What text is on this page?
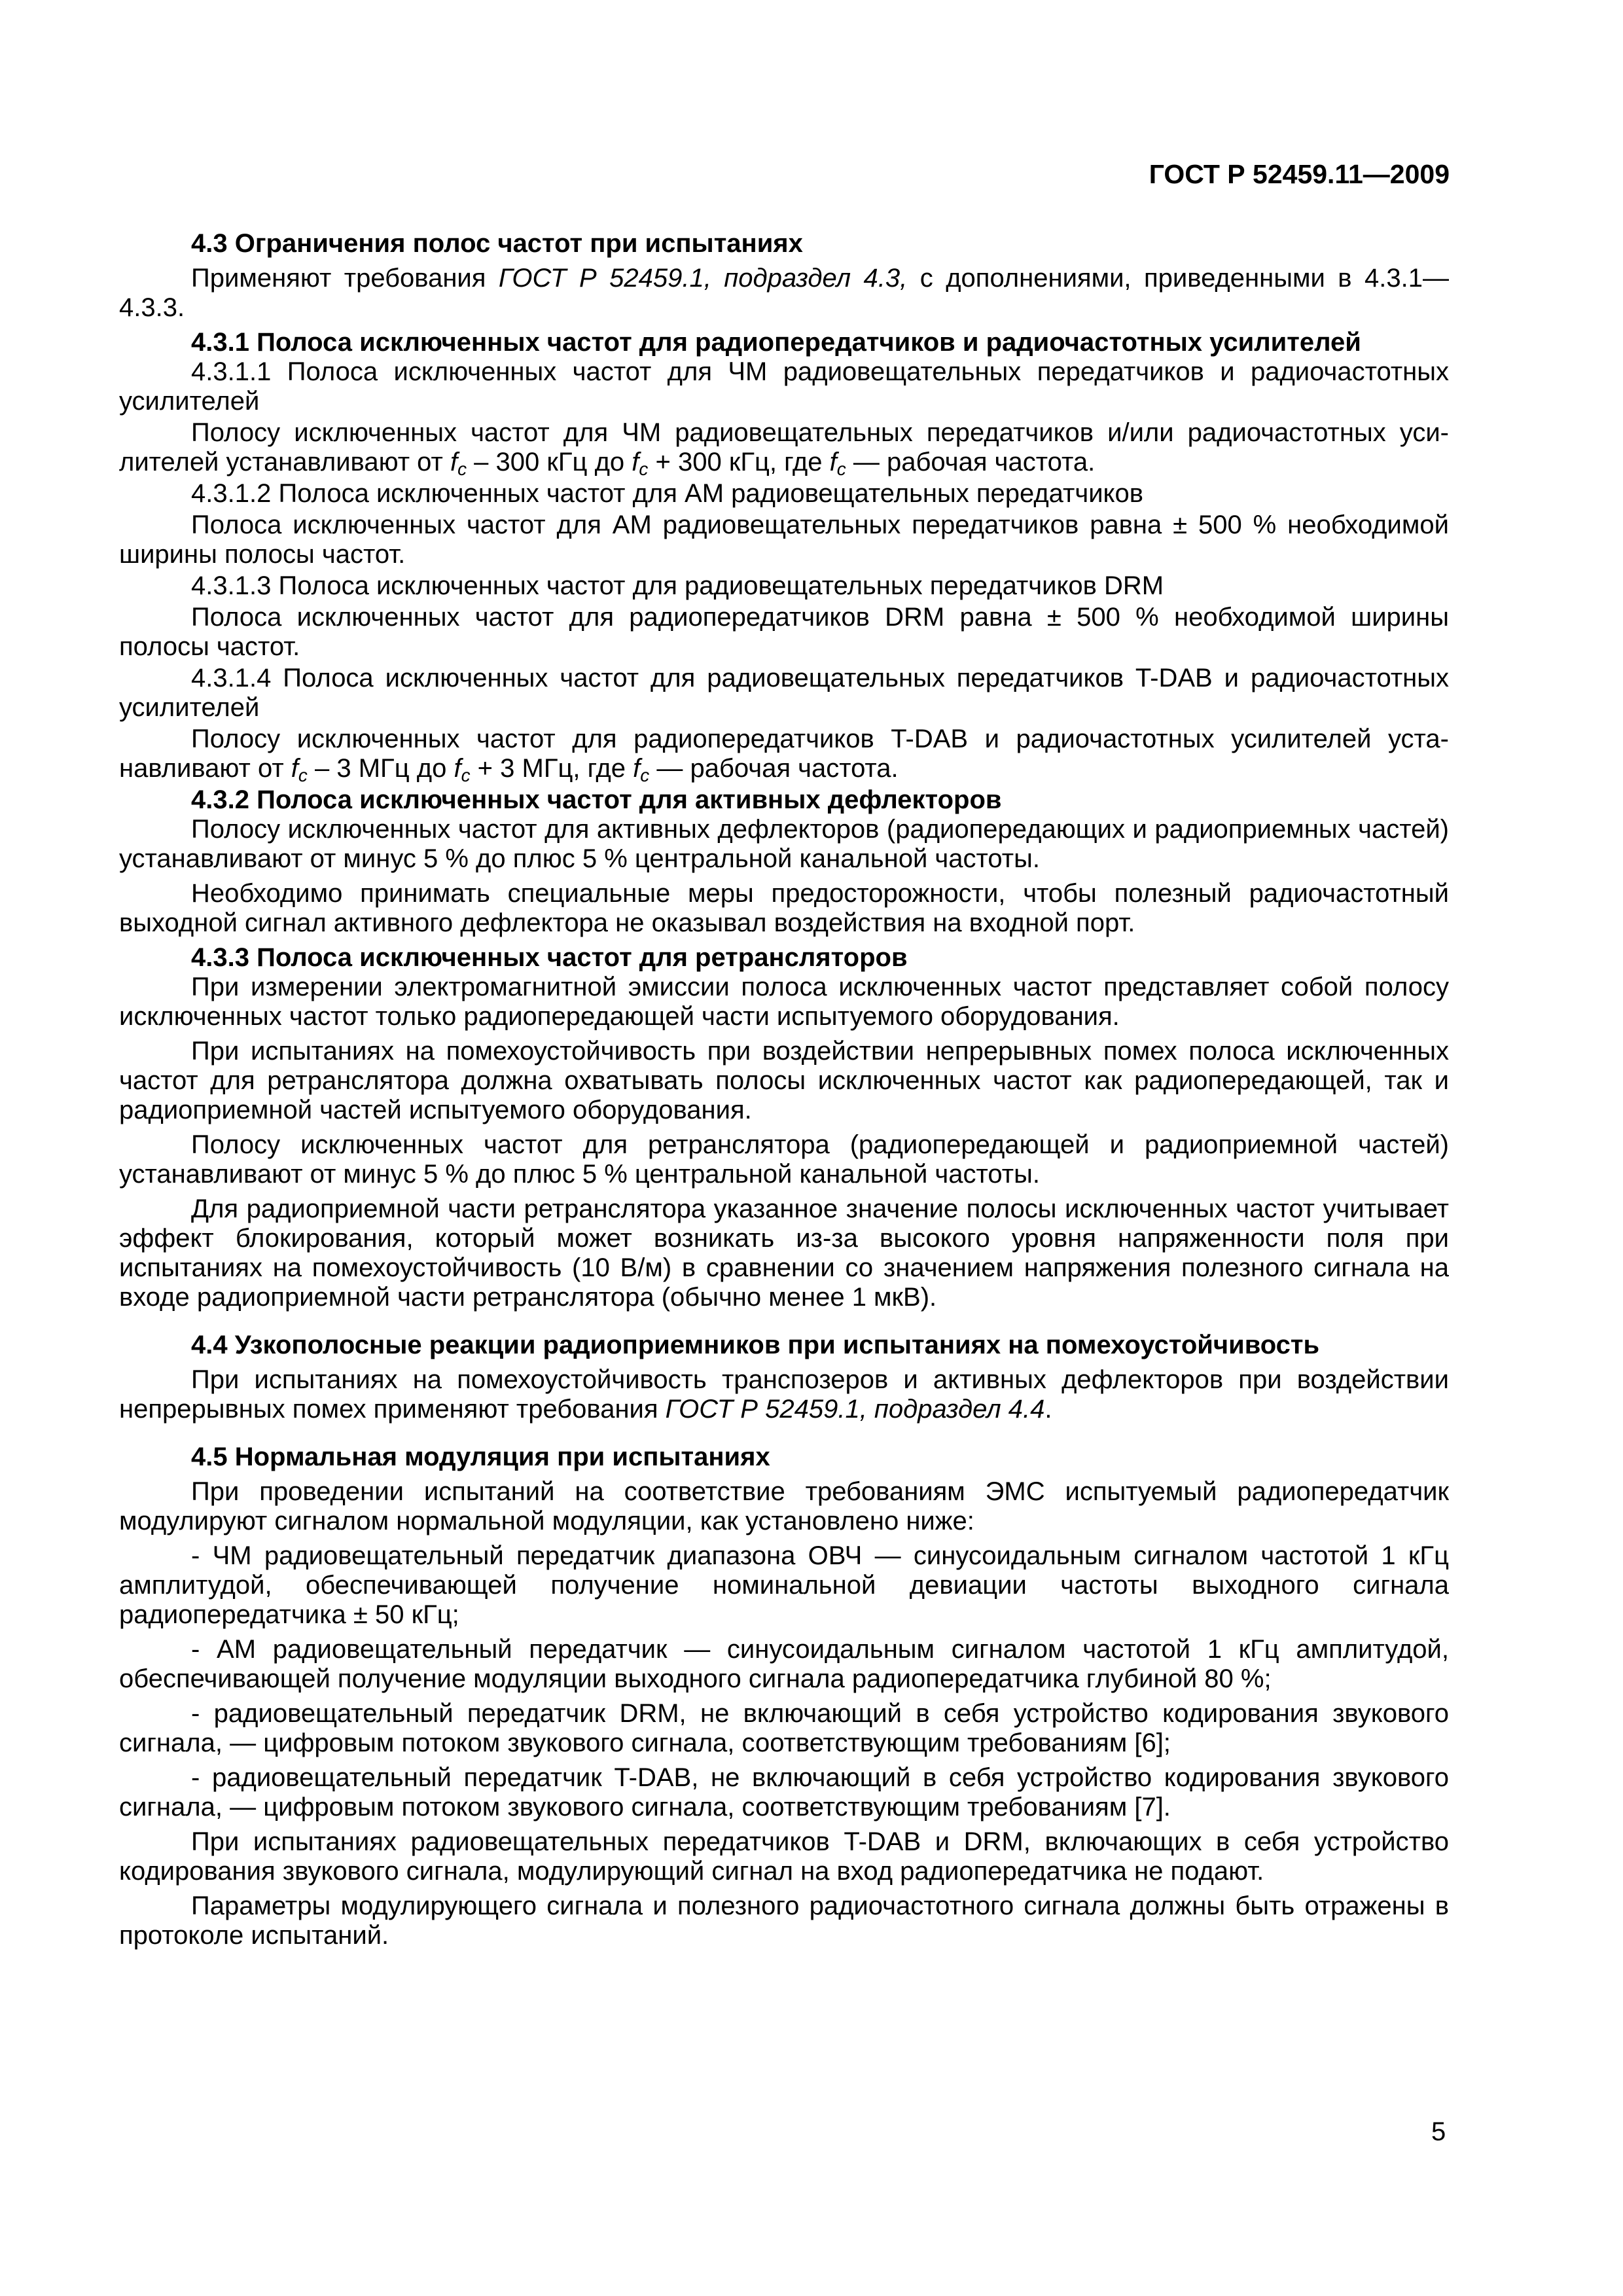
ГОСТ Р 52459.11—2009
4.3 Ограничения полос частот при испытаниях

Применяют требования ГОСТ Р 52459.1, подраздел 4.3, с дополнениями, приведенными в 4.3.1—4.3.3.

4.3.1 Полоса исключенных частот для радиопередатчиков и радиочастотных усилителей

4.3.1.1 Полоса исключенных частот для ЧМ радиовещательных передатчиков и радиочастотных усилителей

Полосу исключенных частот для ЧМ радиовещательных передатчиков и/или радиочастотных усилителей устанавливают от $f_c - 300$ кГц до $f_c + 300$ кГц, где $f_c$ — рабочая частота.

4.3.1.2 Полоса исключенных частот для АМ радиовещательных передатчиков

Полоса исключенных частот для АМ радиовещательных передатчиков равна ± 500 % необходимой ширины полосы частот.

4.3.1.3 Полоса исключенных частот для радиовещательных передатчиков DRM

Полоса исключенных частот для радиопередатчиков DRM равна ± 500 % необходимой ширины полосы частот.

4.3.1.4 Полоса исключенных частот для радиовещательных передатчиков T-DAB и радиочастотных усилителей

Полосу исключенных частот для радиопередатчиков T-DAB и радиочастотных усилителей устанавливают от $f_c - 3$ МГц до $f_c + 3$ МГц, где $f_c$ — рабочая частота.

4.3.2 Полоса исключенных частот для активных дефлекторов

Полосу исключенных частот для активных дефлекторов (радиопередающих и радиоприемных частей) устанавливают от минус 5 % до плюс 5 % центральной канальной частоты.

Необходимо принимать специальные меры предосторожности, чтобы полезный радиочастотный выходной сигнал активного дефлектора не оказывал воздействия на входной порт.

4.3.3 Полоса исключенных частот для ретрансляторов

При измерении электромагнитной эмиссии полоса исключенных частот представляет собой полосу исключенных частот только радиопередающей части испытуемого оборудования.

При испытаниях на помехоустойчивость при воздействии непрерывных помех полоса исключенных частот для ретранслятора должна охватывать полосы исключенных частот как радиопередающей, так и радиоприемной частей испытуемого оборудования.

Полосу исключенных частот для ретранслятора (радиопередающей и радиоприемной частей) устанавливают от минус 5 % до плюс 5 % центральной канальной частоты.

Для радиоприемной части ретранслятора указанное значение полосы исключенных частот учитывает эффект блокирования, который может возникать из-за высокого уровня напряженности поля при испытаниях на помехоустойчивость (10 В/м) в сравнении со значением напряжения полезного сигнала на входе радиоприемной части ретранслятора (обычно менее 1 мкВ).

4.4 Узкополосные реакции радиоприемников при испытаниях на помехоустойчивость

При испытаниях на помехоустойчивость транспозеров и активных дефлекторов при воздействии непрерывных помех применяют требования ГОСТ Р 52459.1, подраздел 4.4.

4.5 Нормальная модуляция при испытаниях

При проведении испытаний на соответствие требованиям ЭМС испытуемый радиопередатчик модулируют сигналом нормальной модуляции, как установлено ниже:

- ЧМ радиовещательный передатчик диапазона ОВЧ — синусоидальным сигналом частотой 1 кГц амплитудой, обеспечивающей получение номинальной девиации частоты выходного сигнала радиопередатчика ± 50 кГц;

- АМ радиовещательный передатчик — синусоидальным сигналом частотой 1 кГц амплитудой, обеспечивающей получение модуляции выходного сигнала радиопередатчика глубиной 80 %;

- радиовещательный передатчик DRM, не включающий в себя устройство кодирования звукового сигнала, — цифровым потоком звукового сигнала, соответствующим требованиям [6];

- радиовещательный передатчик T-DAB, не включающий в себя устройство кодирования звукового сигнала, — цифровым потоком звукового сигнала, соответствующим требованиям [7].

При испытаниях радиовещательных передатчиков T-DAB и DRM, включающих в себя устройство кодирования звукового сигнала, модулирующий сигнал на вход радиопередатчика не подают.

Параметры модулирующего сигнала и полезного радиочастотного сигнала должны быть отражены в протоколе испытаний.

5
